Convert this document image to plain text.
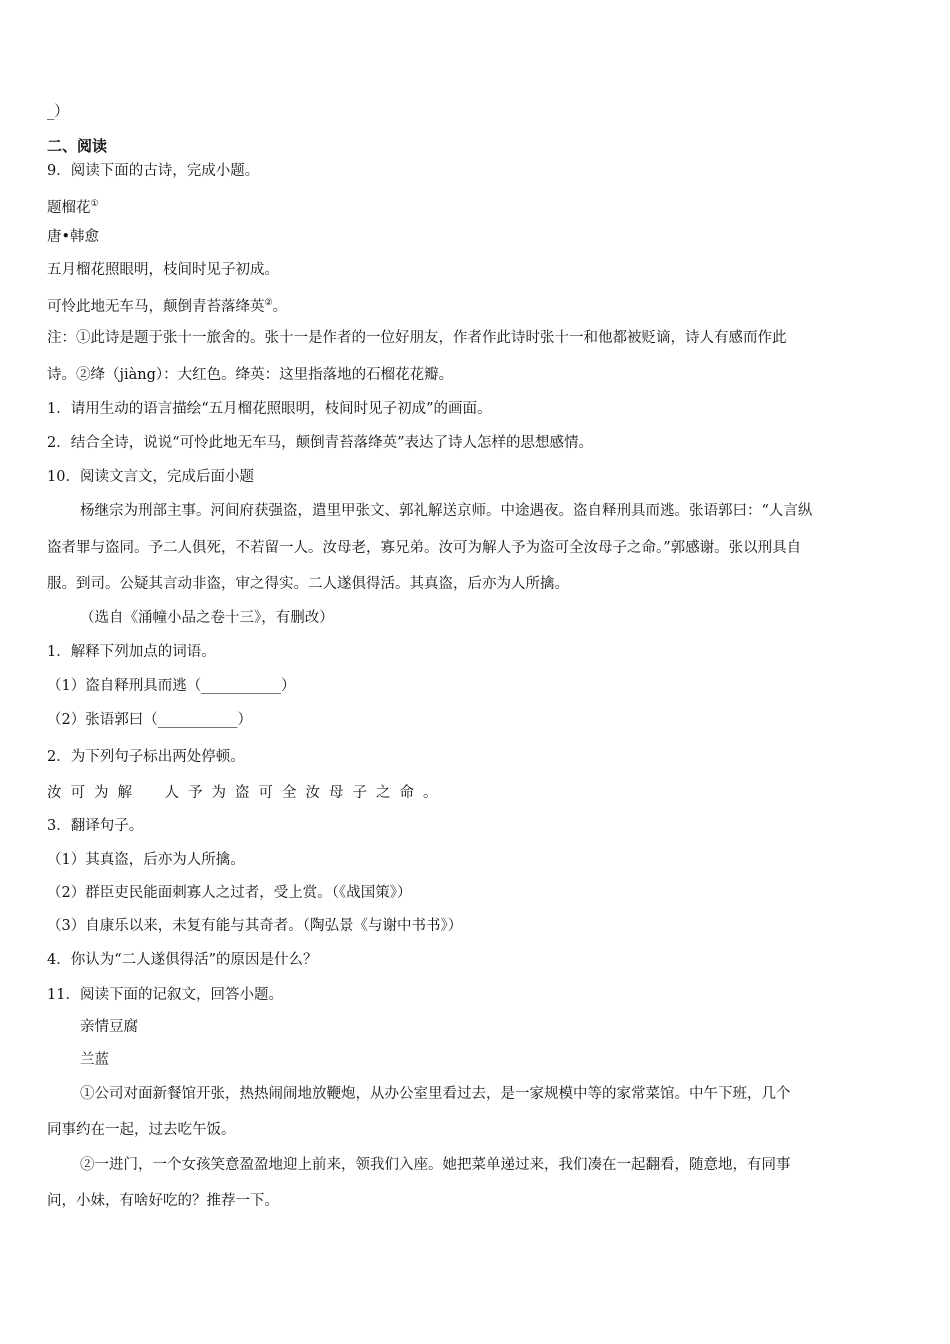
_）
二、阅读
9．阅读下面的古诗，完成小题。
题榴花①
唐•韩愈
五月榴花照眼明，枝间时见子初成。
可怜此地无车马，颠倒青苔落绛英②。
注：①此诗是题于张十一旅舍的。张十一是作者的一位好朋友，作者作此诗时张十一和他都被贬谪，诗人有感而作此
诗。②绛（jiàng）：大红色。绛英：这里指落地的石榴花花瓣。
1．请用生动的语言描绘“五月榴花照眼明，枝间时见子初成”的画面。
2．结合全诗，说说“可怜此地无车马，颠倒青苔落绛英”表达了诗人怎样的思想感情。
10．阅读文言文，完成后面小题
杨继宗为刑部主事。河间府获强盗，遣里甲张文、郭礼解送京师。中途遇夜。盗自释刑具而逃。张语郭曰：“人言纵
盗者罪与盗同。予二人俱死，不若留一人。汝母老，寡兄弟。汝可为解人予为盗可全汝母子之命。”郭感谢。张以刑具自
服。到司。公疑其言动非盗，审之得实。二人遂俱得活。其真盗，后亦为人所擒。
（选自《涌幢小品之卷十三》，有删改）
1．解释下列加点的词语。
（1）盗自释刑具而逃（___________）
（2）张语郭曰（___________）
2．为下列句子标出两处停顿。
汝可为解　人予为盗可全汝母子之命。
3．翻译句子。
（1）其真盗，后亦为人所擒。
（2）群臣吏民能面刺寡人之过者，受上赏。（《战国策》）
（3）自康乐以来，未复有能与其奇者。（陶弘景《与谢中书书》）
4．你认为“二人遂俱得活”的原因是什么？
11．阅读下面的记叙文，回答小题。
亲情豆腐
兰蓝
①公司对面新餐馆开张，热热闹闹地放鞭炮，从办公室里看过去，是一家规模中等的家常菜馆。中午下班，几个
同事约在一起，过去吃午饭。
②一进门，一个女孩笑意盈盈地迎上前来，领我们入座。她把菜单递过来，我们凑在一起翻看，随意地，有同事
问，小妹，有啥好吃的？推荐一下。
